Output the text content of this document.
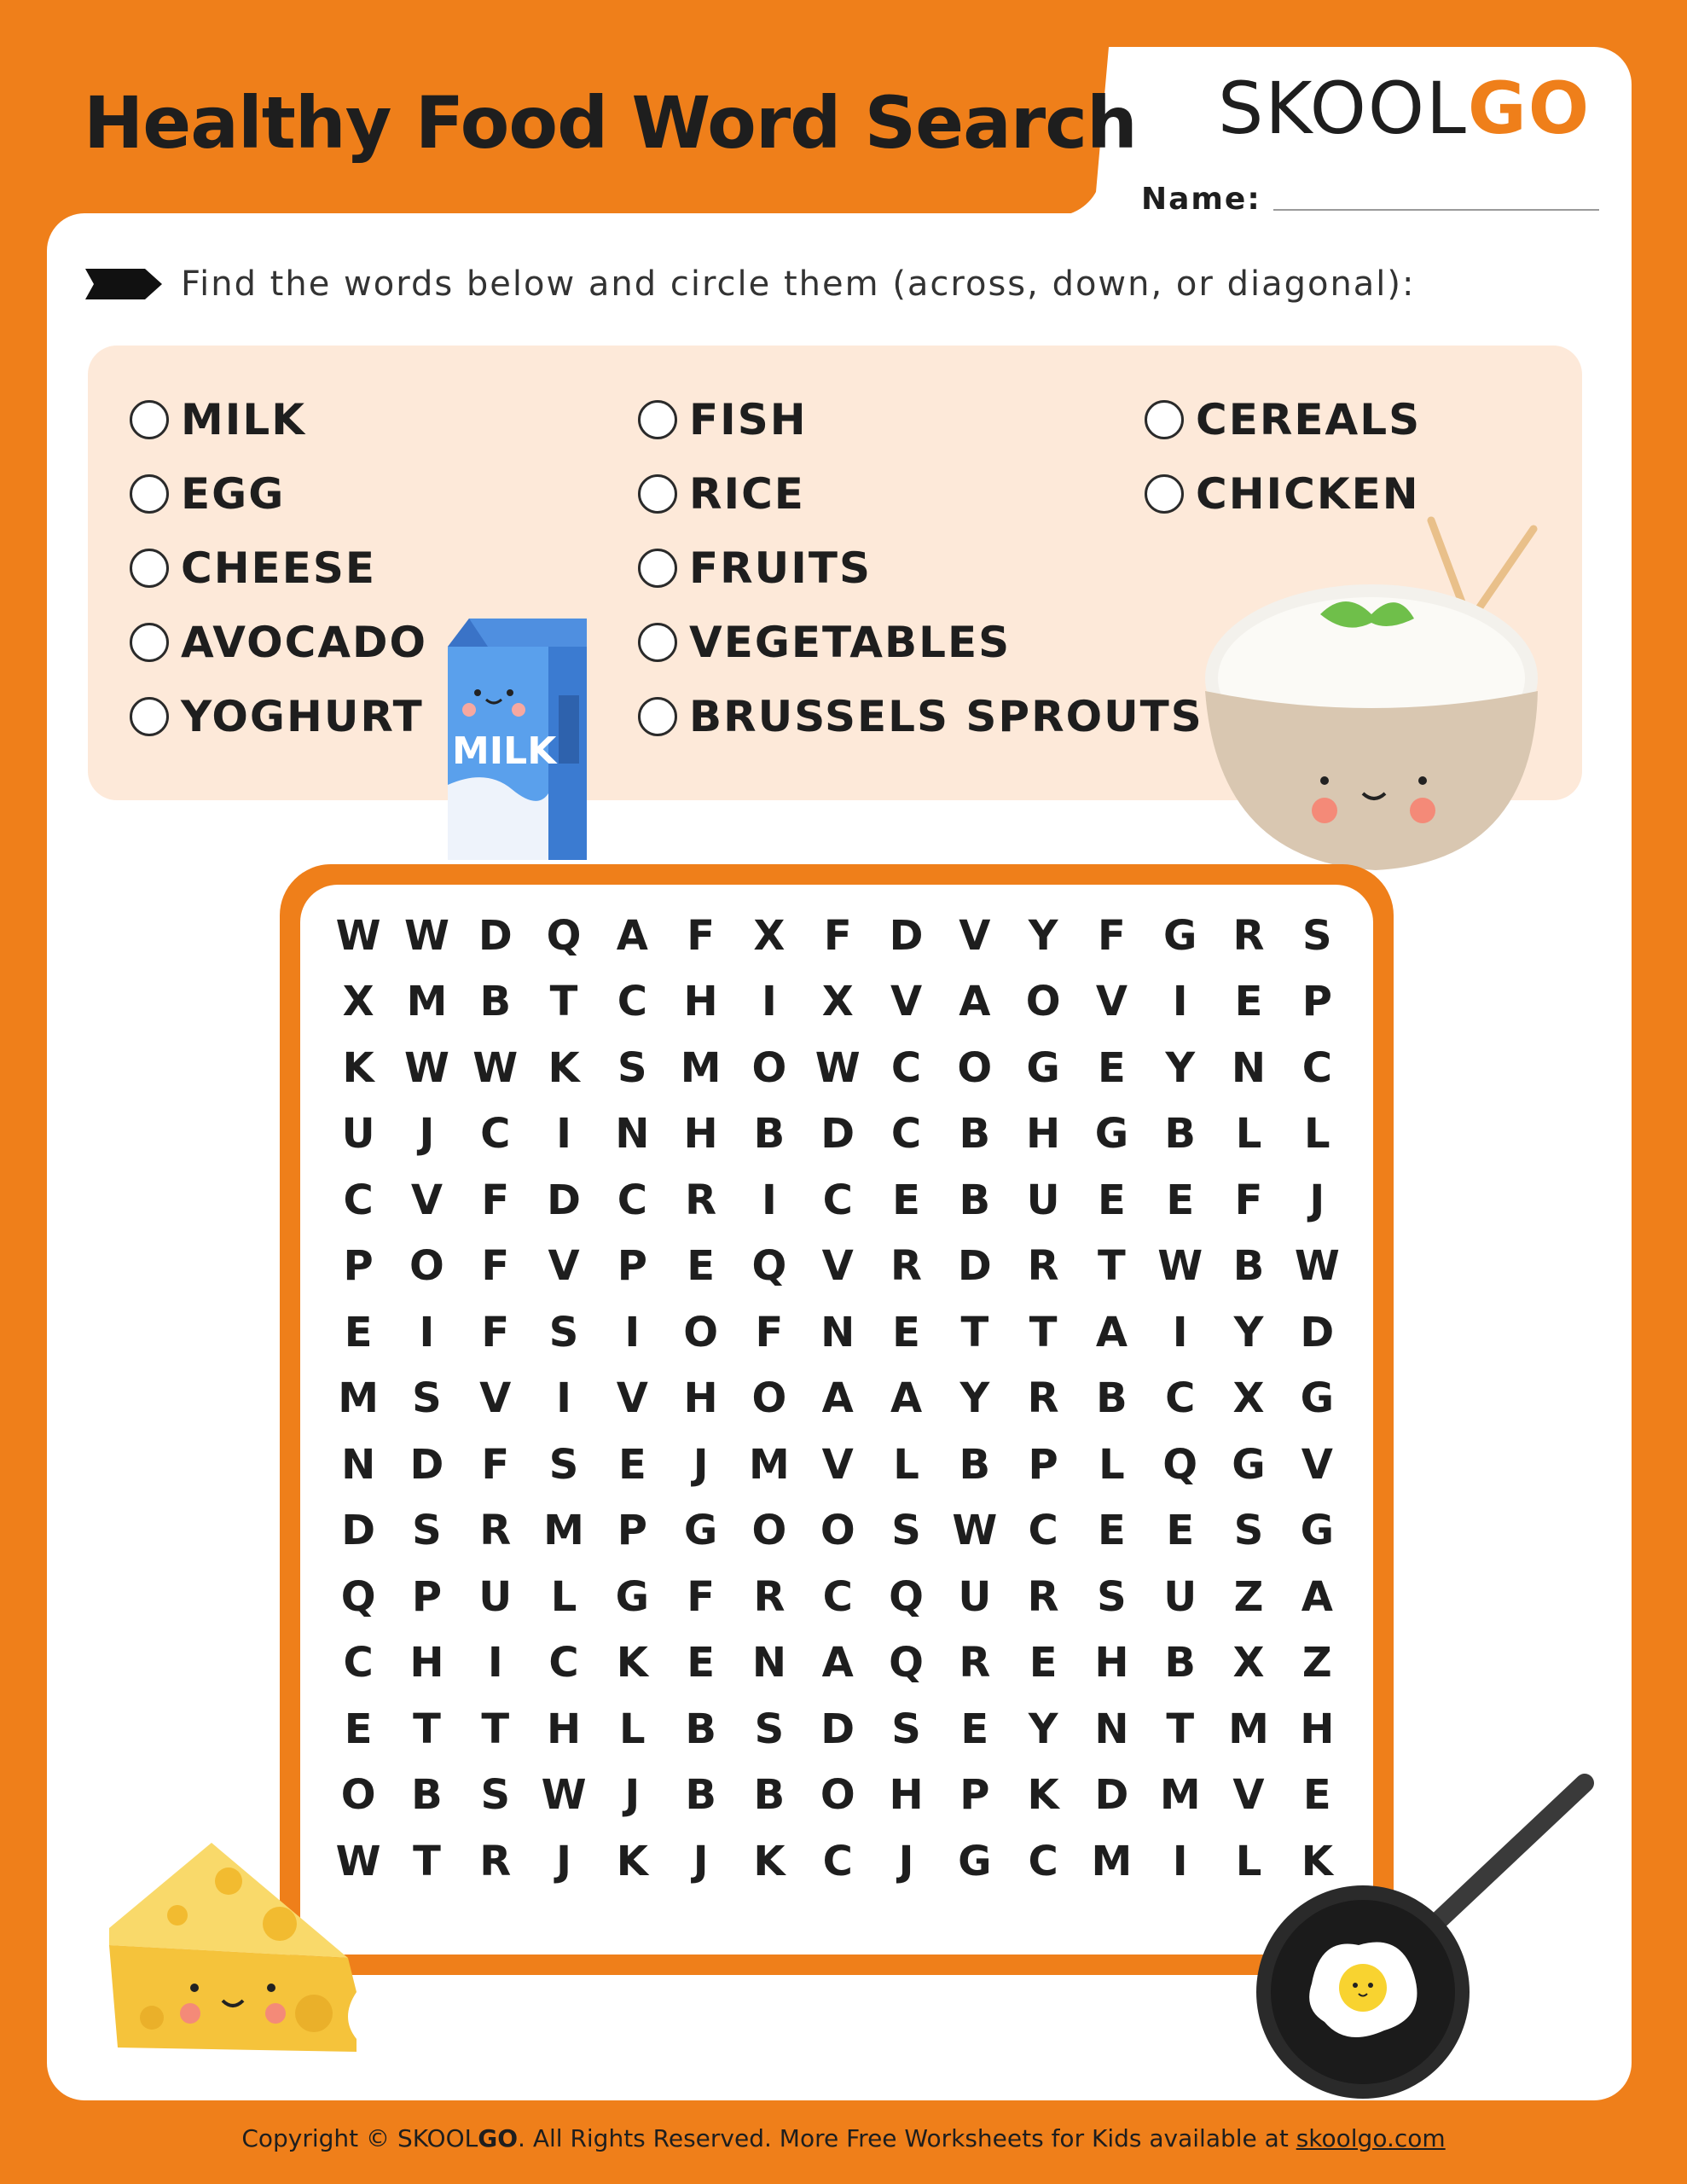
Healthy Food Word Search SKOOLGO
Name:
Find the words below and circle them (across, down, or diagonal):
MILK
EGG
CHEESE
AVOCADO
YOGHURT
FISH
RICE
FRUITS
VEGETABLES
BRUSSELS SPROUTS
CEREALS
CHICKEN
MILK
W W D Q A F X F D V Y F G R S
X M B T C H	I	X V A O V	I	E P
K W W K S M O W C O G E Y N C
U	J	C	I	N H B D C B H G B L	L
C V F D C R	I	C E B U E E F	J
P O F V P E Q V R D R T W B W
E	I	F S	I	O F N E T T A	I	Y D
M S V	I	V H O A A Y R B C X G
N D F S E	J M V L B P L Q G V
D S R M P G O O S W C E E S G
Q P U L G F R C Q U R S U Z A
C H	I	C K E N A Q R E H B X Z
E T T H L B S D S E Y N T M H
O B S W J	B B O H P K D M V E
W T R	J	K	J	K C	J	G C M I	L K
Copyright © SKOOLGO. All Rights Reserved. More Free Worksheets for Kids available at skoolgo.com
